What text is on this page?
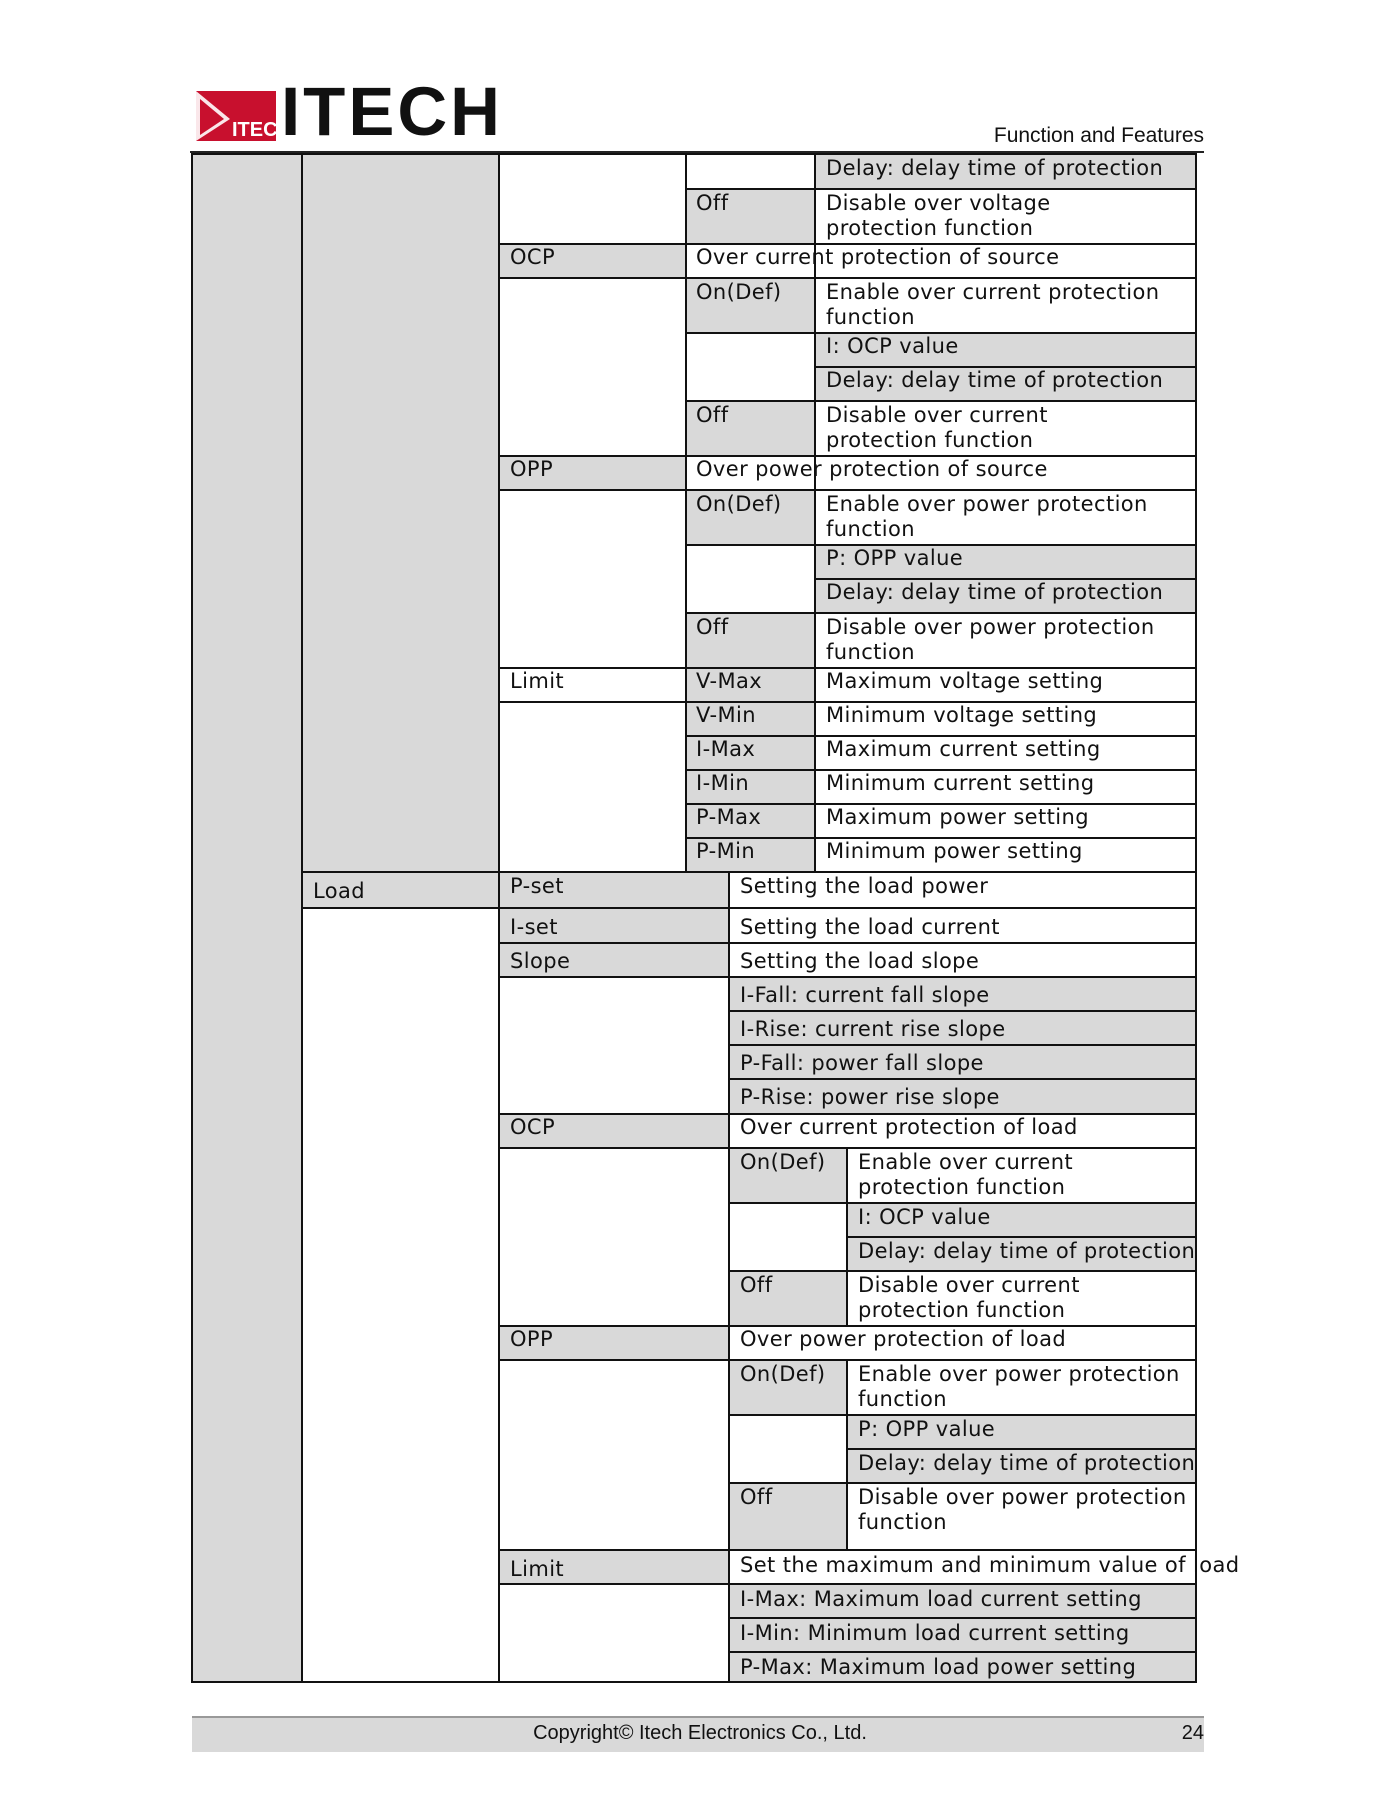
ITECH
ITECH	Function and Features
Delay: delay time of protection
Off	Disable over voltage protection function
OCP	Over current protection of source
On(Def) Enable over current protection function
I: OCP value
Delay: delay time of protection
Off	Disable over current protection function
OPP	Over power protection of source
On(Def) Enable over power protection function
P: OPP value
Delay: delay time of protection
Off	Disable over power protection function
Limit	V-Max	Maximum voltage setting
V-Min	Minimum voltage setting
I-Max	Maximum current setting
I-Min	Minimum current setting
P-Max	Maximum power setting
P-Min	Minimum power setting
Load	P-set	Setting the load power
I-set	Setting the load current
Slope	Setting the load slope
I-Fall: current fall slope
I-Rise: current rise slope
P-Fall: power fall slope
P-Rise: power rise slope
OCP	Over current protection of load
On(Def) Enable over current protection function
I: OCP value
Delay: delay time of protection
Off	Disable over current protection function
OPP	Over power protection of load
On(Def) Enable over power protection function
P: OPP value
Delay: delay time of protection
Off	Disable over power protection function
Limit	Set the maximum and minimum value of load
I-Max: Maximum load current setting
I-Min: Minimum load current setting
P-Max: Maximum load power setting
Copyright© Itech Electronics Co., Ltd.	24
